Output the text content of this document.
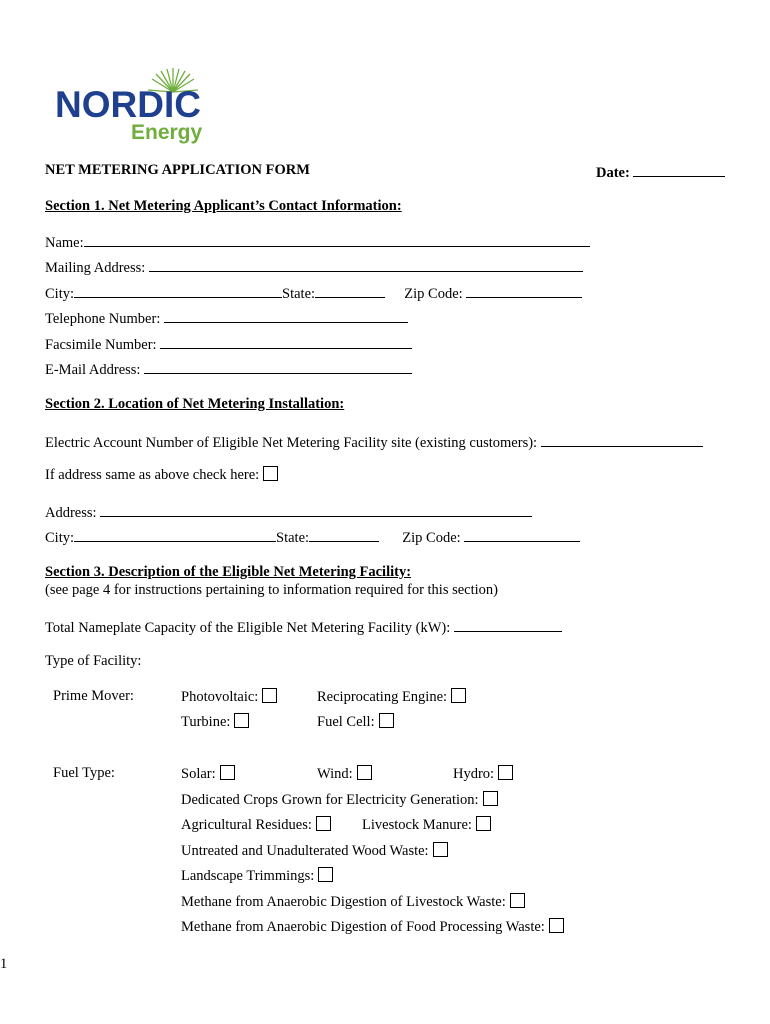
NORDIC
Energy
NET METERING APPLICATION FORM	Date:
Section 1. Net Metering Applicant’s Contact Information:
Name:
Mailing Address:
City:	State:	Zip Code:
Telephone Number:
Facsimile Number:
E-Mail Address:
Section 2. Location of Net Metering Installation:
Electric Account Number of Eligible Net Metering Facility site (existing customers):
If address same as above check here:
Address:
City:	State:	Zip Code:
Section 3. Description of the Eligible Net Metering Facility:
(see page 4 for instructions pertaining to information required for this section)
Total Nameplate Capacity of the Eligible Net Metering Facility (kW):
Type of Facility:
Prime Mover:	Photovoltaic:	Reciprocating Engine:
Turbine:	Fuel Cell:
Fuel Type:	Solar:	Wind:	Hydro:
Dedicated Crops Grown for Electricity Generation:
Agricultural Residues:	Livestock Manure:
Untreated and Unadulterated Wood Waste:
Landscape Trimmings:
Methane from Anaerobic Digestion of Livestock Waste:
Methane from Anaerobic Digestion of Food Processing Waste:
1
